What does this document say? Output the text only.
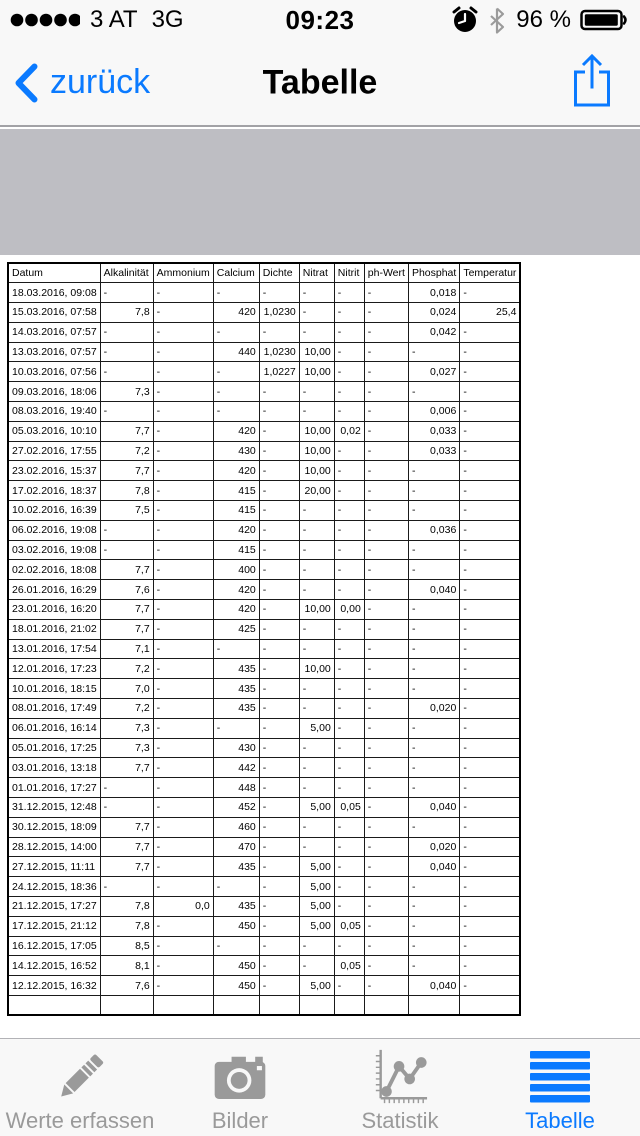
3 AT 3G	09:23	96 %
zurück	Tabelle
Datum	Alkalinität	Ammonium	Calcium	Dichte	Nitrat	Nitrit	ph-Wert	Phosphat	Temperatur
18.03.2016, 09:08	-	-	-	-	-	-	-	0,018	-
15.03.2016, 07:58	7,8	-	420	1,0230	-	-	-	0,024	25,4
14.03.2016, 07:57	-	-	-	-	-	-	-	0,042	-
13.03.2016, 07:57	-	-	440	1,0230	10,00	-	-	-	-
10.03.2016, 07:56	-	-	-	1,0227	10,00	-	-	0,027	-
09.03.2016, 18:06	7,3	-	-	-	-	-	-	-	-
08.03.2016, 19:40	-	-	-	-	-	-	-	0,006	-
05.03.2016, 10:10	7,7	-	420	-	10,00	0,02	-	0,033	-
27.02.2016, 17:55	7,2	-	430	-	10,00	-	-	0,033	-
23.02.2016, 15:37	7,7	-	420	-	10,00	-	-	-	-
17.02.2016, 18:37	7,8	-	415	-	20,00	-	-	-	-
10.02.2016, 16:39	7,5	-	415	-	-	-	-	-	-
06.02.2016, 19:08	-	-	420	-	-	-	-	0,036	-
03.02.2016, 19:08	-	-	415	-	-	-	-	-	-
02.02.2016, 18:08	7,7	-	400	-	-	-	-	-	-
26.01.2016, 16:29	7,6	-	420	-	-	-	-	0,040	-
23.01.2016, 16:20	7,7	-	420	-	10,00	0,00	-	-	-
18.01.2016, 21:02	7,7	-	425	-	-	-	-	-	-
13.01.2016, 17:54	7,1	-	-	-	-	-	-	-	-
12.01.2016, 17:23	7,2	-	435	-	10,00	-	-	-	-
10.01.2016, 18:15	7,0	-	435	-	-	-	-	-	-
08.01.2016, 17:49	7,2	-	435	-	-	-	-	0,020	-
06.01.2016, 16:14	7,3	-	-	-	5,00	-	-	-	-
05.01.2016, 17:25	7,3	-	430	-	-	-	-	-	-
03.01.2016, 13:18	7,7	-	442	-	-	-	-	-	-
01.01.2016, 17:27	-	-	448	-	-	-	-	-	-
31.12.2015, 12:48	-	-	452	-	5,00	0,05	-	0,040	-
30.12.2015, 18:09	7,7	-	460	-	-	-	-	-	-
28.12.2015, 14:00	7,7	-	470	-	-	-	-	0,020	-
27.12.2015, 11:11	7,7	-	435	-	5,00	-	-	0,040	-
24.12.2015, 18:36	-	-	-	-	5,00	-	-	-	-
21.12.2015, 17:27	7,8	0,0	435	-	5,00	-	-	-	-
17.12.2015, 21:12	7,8	-	450	-	5,00	0,05	-	-	-
16.12.2015, 17:05	8,5	-	-	-	-	-	-	-	-
14.12.2015, 16:52	8,1	-	450	-	-	0,05	-	-	-
12.12.2015, 16:32	7,6	-	450	-	5,00	-	-	0,040	-

Werte erfassen	Bilder	Statistik	Tabelle
